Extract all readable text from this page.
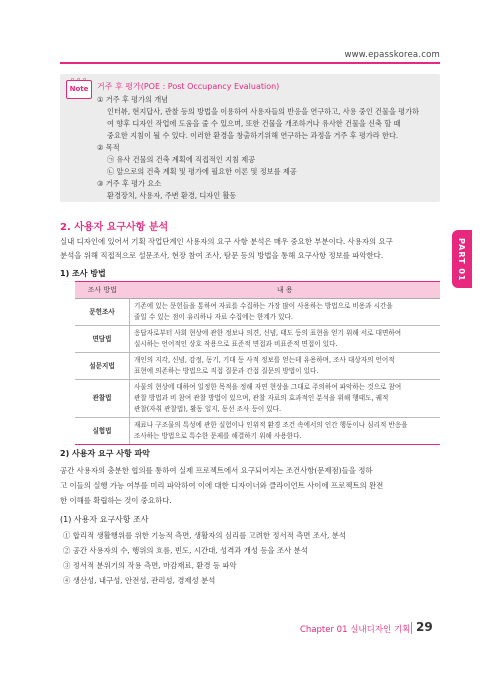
www.epasskorea.com
ooo
Note	거주 후 평가(POE : Post Occupancy Evaluation)
① 거주 후 평가의 개념
인터뷰, 현지답사, 관찰 등의 방법을 이용하여 사용자들의 반응을 연구하고, 사용 중인 건물을 평가하
여 향후 디자인 작업에 도움을 줄 수 있으며, 또한 건물을 개조하거나 유사한 건물을 신축 할 때
중요한 지침이 될 수 있다. 이러한 환경을 창출하기위해 연구하는 과정을 거주 후 평가라 한다.
② 목적
㉠ 유사 건물의 건축 계획에 직접적인 지침 제공
㉡ 앞으로의 건축 계획 및 평가에 필요한 이론 및 정보를 제공
③ 거주 후 평가 요소
환경장치, 사용자, 주변 환경, 디자인 활동
2. 사용자 요구사항 분석
실내 디자인에 있어서 기획 작업단계인 사용자의 요구 사항 분석은 매우 중요한 부분이다. 사용자의 요구
분석을 위해 직접적으로 설문조사, 현장 참여 조사, 탐문 등의 방법을 통해 요구사항 정보를 파악한다.	PART 01
1) 조사 방법
조사 방법	내 용
문헌조사	기존에 있는 문헌들을 통하여 자료를 수집하는 가장 많이 사용하는 방법으로 비용과 시간을
줄일 수 있는 점이 유리하나 자료 수집에는 한계가 있다.

면담법	응답자로부터 사회 현상에 관한 정보나 의견, 신념, 태도 등의 표현을 얻기 위해 서로 대면하여
실시하는 언어적인 상호 작용으로 표준적 면접과 비표준적 면접이 있다.

설문지법	개인의 지각, 신념, 감정, 동기, 기대 등 사적 정보를 얻는데 유용하며, 조사 대상자의 언어적
표현에 의존하는 방법으로 직접 질문과 간접 질문의 방법이 있다.

관찰법	사물의 현상에 대하여 일정한 목적을 정해 자연 현상을 그대로 주의하여 파악하는 것으로 참여
관찰 방법과 비 참여 관찰 방법이 있으며, 관찰 자료의 효과적인 분석을 위해 행태도, 궤적
관찰(자취 관찰법), 활동 일지, 동선 조사 등이 있다.

실험법	재료나 구조물의 특성에 관한 실험이나 인위적 환경 조건 속에서의 인간 행동이나 심리적 반응을
조사하는 방법으로 특수한 문제를 해결하기 위해 사용한다.
2) 사용자 요구 사항 파악
공간 사용자의 충분한 협의를 통하여 실제 프로젝트에서 요구되어지는 조건사항(문제점)들을 정하
고 이들의 실행 가능 여부를 미리 파악하여 이에 대한 디자이너와 클라이언트 사이에 프로젝트의 완전
한 이해를 확립하는 것이 중요하다.
(1) 사용자 요구사항 조사
① 합리적 생활행위를 위한 기능적 측면, 생활자의 심리를 고려한 정서적 측면 조사, 분석
② 공간 사용자의 수, 행위의 흐름, 빈도, 시간대, 성격과 개성 등을 조사 분석
③ 정서적 분위기의 작용 측면, 마감재료, 환경 등 파악
④ 생산성, 내구성, 안전성, 관리성, 경제성 분석
Chapter 01 실내디자인 기획 29
